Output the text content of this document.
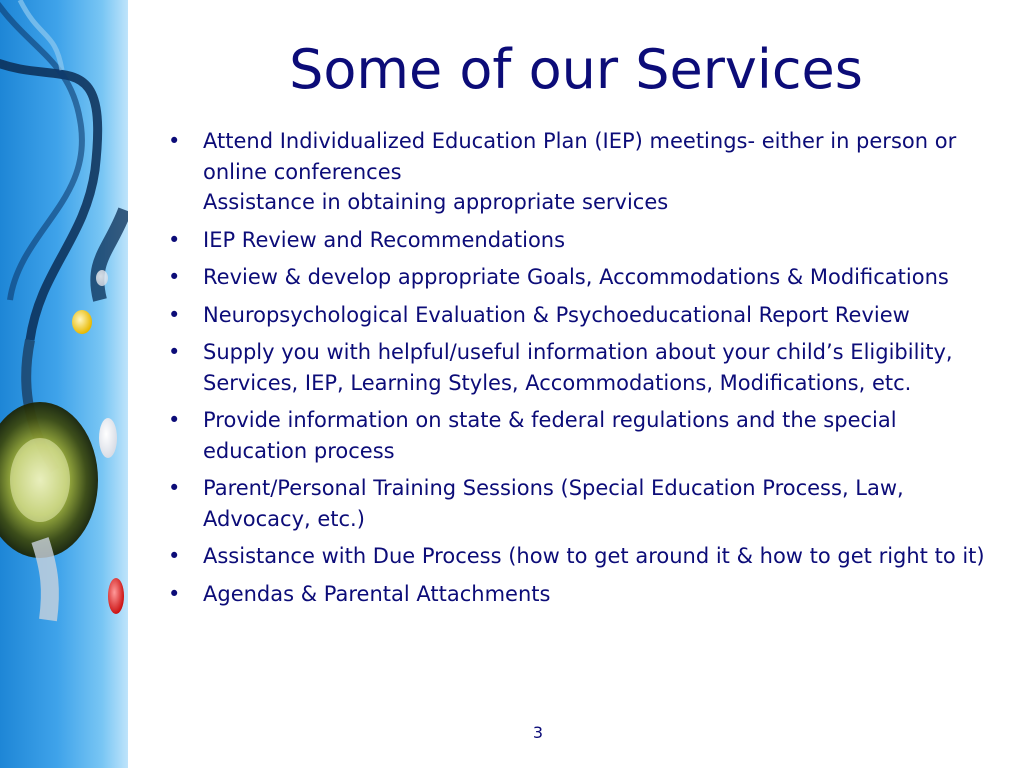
Some of our Services
• Attend Individualized Education Plan (IEP) meetings- either in person or online conferences
Assistance in obtaining appropriate services
• IEP Review and Recommendations
• Review & develop appropriate Goals, Accommodations & Modifications
• Neuropsychological Evaluation & Psychoeducational Report Review
• Supply you with helpful/useful information about your child’s Eligibility, Services, IEP, Learning Styles, Accommodations, Modifications, etc.
• Provide information on state & federal regulations and the special education process
• Parent/Personal Training Sessions (Special Education Process, Law, Advocacy, etc.)
• Assistance with Due Process (how to get around it & how to get right to it)
• Agendas & Parental Attachments
3
